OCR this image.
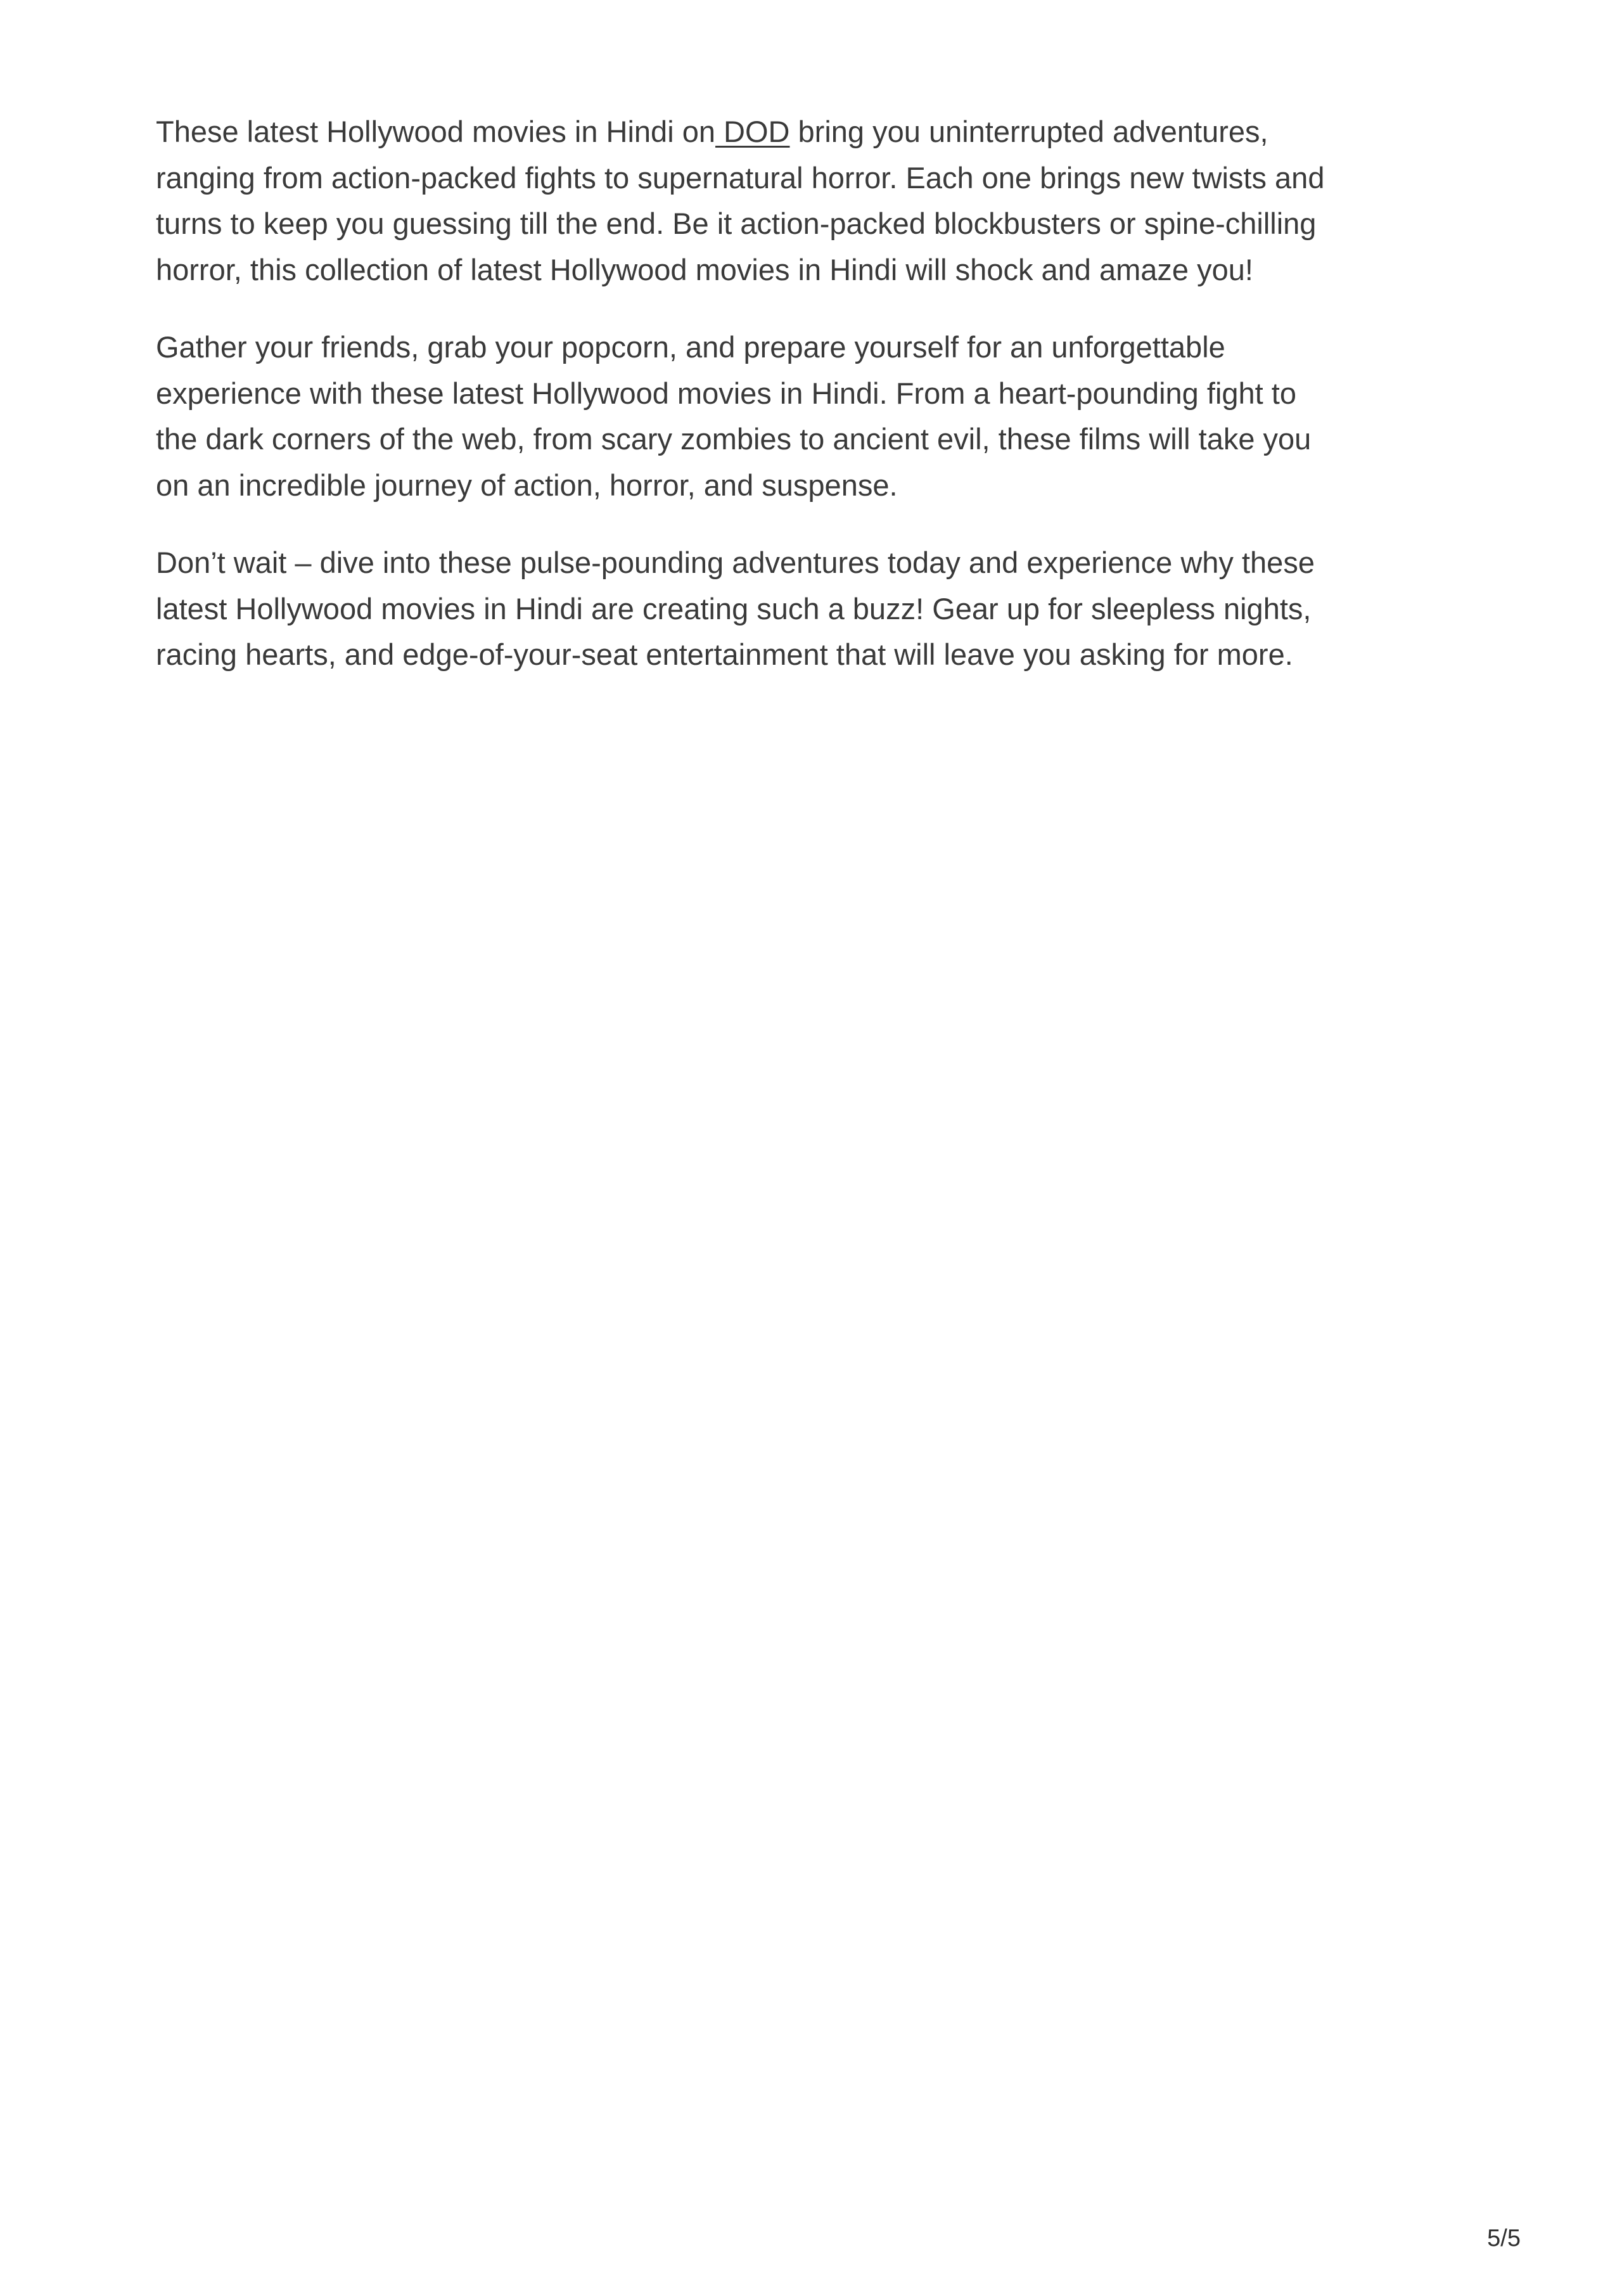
These latest Hollywood movies in Hindi on DOD bring you uninterrupted adventures,
ranging from action-packed fights to supernatural horror. Each one brings new twists and
turns to keep you guessing till the end. Be it action-packed blockbusters or spine-chilling
horror, this collection of latest Hollywood movies in Hindi will shock and amaze you!

Gather your friends, grab your popcorn, and prepare yourself for an unforgettable
experience with these latest Hollywood movies in Hindi. From a heart-pounding fight to
the dark corners of the web, from scary zombies to ancient evil, these films will take you
on an incredible journey of action, horror, and suspense.

Don’t wait – dive into these pulse-pounding adventures today and experience why these
latest Hollywood movies in Hindi are creating such a buzz! Gear up for sleepless nights,
racing hearts, and edge-of-your-seat entertainment that will leave you asking for more.

5/5
